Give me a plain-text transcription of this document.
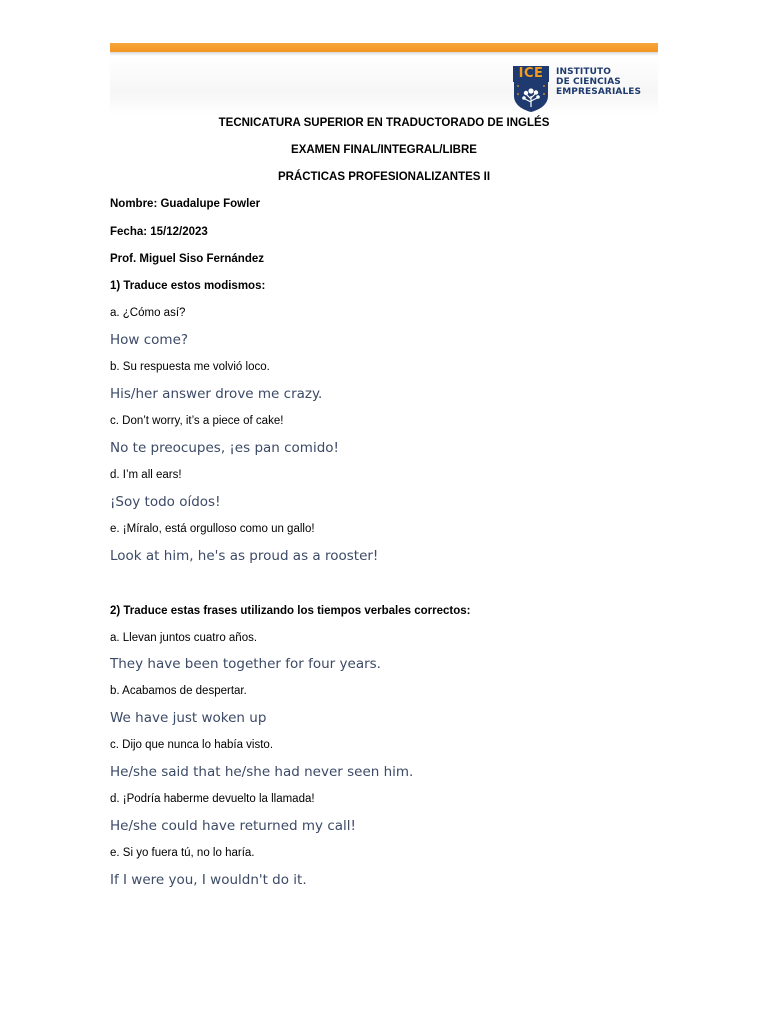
ICE	INSTITUTO
DE CIENCIAS
EMPRESARIALES
TECNICATURA SUPERIOR EN TRADUCTORADO DE INGLÉS
EXAMEN FINAL/INTEGRAL/LIBRE
PRÁCTICAS PROFESIONALIZANTES II
Nombre: Guadalupe Fowler
Fecha: 15/12/2023
Prof. Miguel Siso Fernández
1) Traduce estos modismos:
a. ¿Cómo así?
How come?
b. Su respuesta me volvió loco.
His/her answer drove me crazy.
c. Don’t worry, it’s a piece of cake!
No te preocupes, ¡es pan comido!
d. I’m all ears!
¡Soy todo oídos!
e. ¡Míralo, está orgulloso como un gallo!
Look at him, he's as proud as a rooster!
2) Traduce estas frases utilizando los tiempos verbales correctos:
a. Llevan juntos cuatro años.
They have been together for four years.
b. Acabamos de despertar.
We have just woken up
c. Dijo que nunca lo había visto.
He/she said that he/she had never seen him.
d. ¡Podría haberme devuelto la llamada!
He/she could have returned my call!
e. Si yo fuera tú, no lo haría.
If I were you, I wouldn't do it.
